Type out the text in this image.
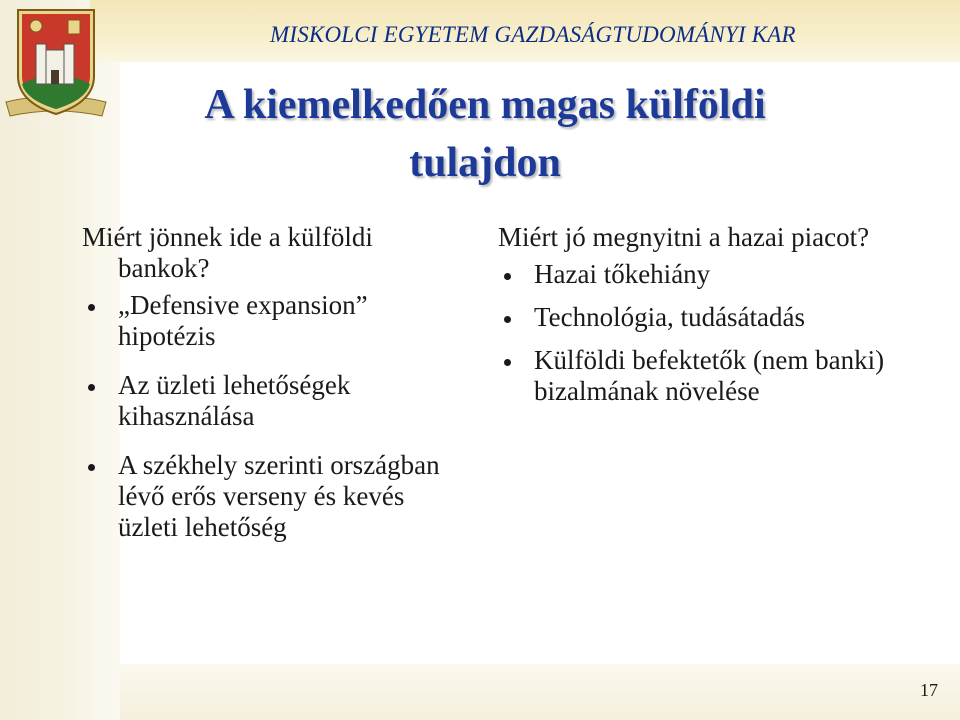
MISKOLCI EGYETEM GAZDASÁGTUDOMÁNYI KAR
A kiemelkedően magas külföldi
tulajdon

Miért jönnek ide a külföldi bankok?

„Defensive expansion” hipotézis
Az üzleti lehetőségek kihasználása
A székhely szerinti országban lévő erős verseny és kevés üzleti lehetőség

Miért jó megnyitni a hazai piacot?

Hazai tőkehiány
Technológia, tudásátadás
Külföldi befektetők (nem banki) bizalmának növelése
17
